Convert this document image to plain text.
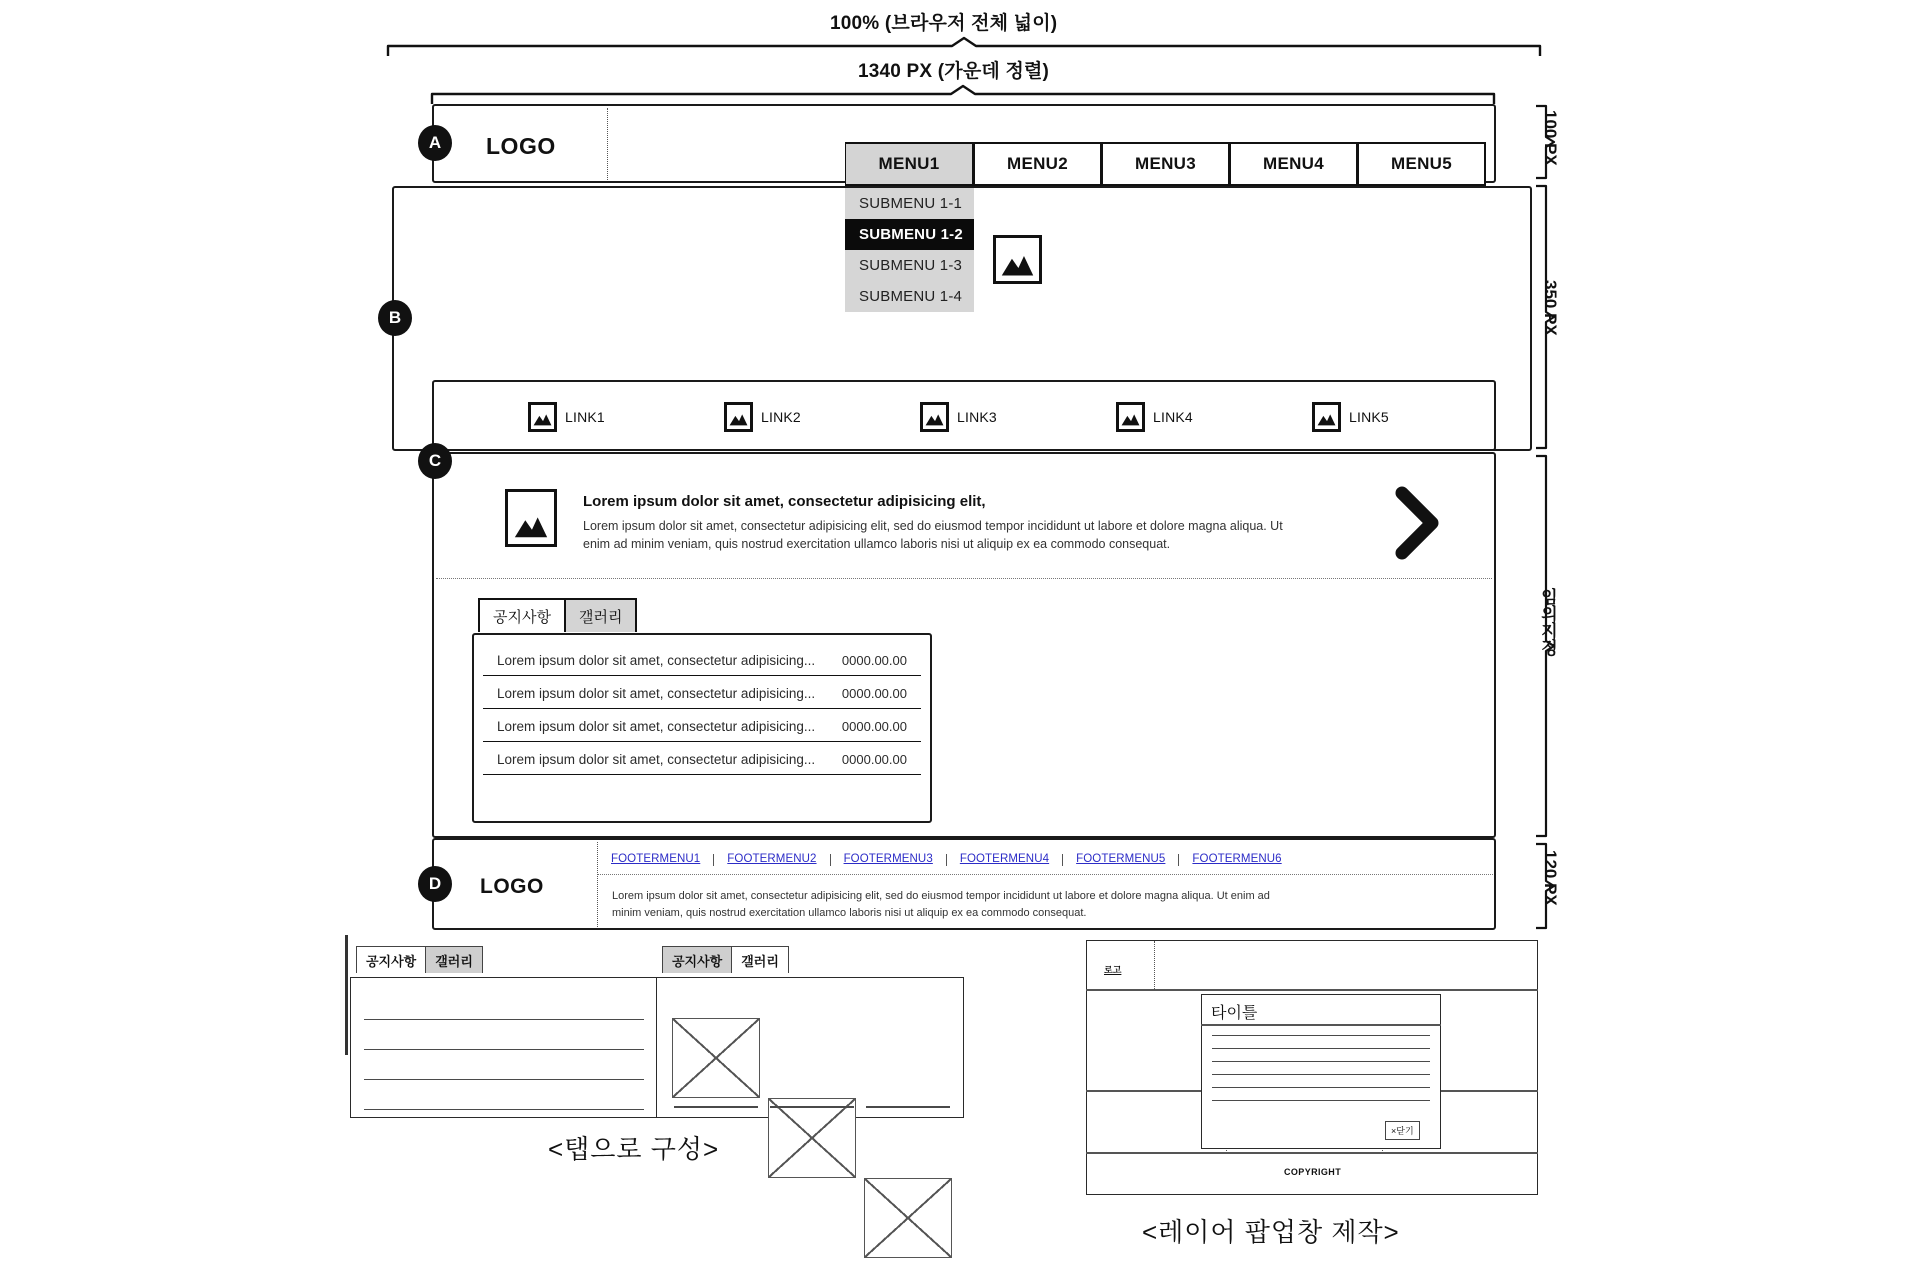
100% (브라우저 전체 넓이)
1340 PX (가운데 정렬)
100 PX
350 PX
임의지정
120 PX
A	LOGO
MENU1	MENU2	MENU3	MENU4	MENU5
B
SUBMENU 1-1
SUBMENU 1-2
SUBMENU 1-3
SUBMENU 1-4
LINK1	LINK2	LINK3	LINK4	LINK5
C
Lorem ipsum dolor sit amet, consectetur adipisicing elit,
Lorem ipsum dolor sit amet, consectetur adipisicing elit, sed do eiusmod tempor incididunt ut labore et dolore magna aliqua. Ut enim ad minim veniam, quis nostrud exercitation ullamco laboris nisi ut aliquip ex ea commodo consequat.
공지사항	갤러리
Lorem ipsum dolor sit amet, consectetur adipisicing... 0000.00.00
Lorem ipsum dolor sit amet, consectetur adipisicing... 0000.00.00
Lorem ipsum dolor sit amet, consectetur adipisicing... 0000.00.00
Lorem ipsum dolor sit amet, consectetur adipisicing... 0000.00.00
D	LOGO
FOOTERMENU1	FOOTERMENU2	FOOTERMENU3	FOOTERMENU4	FOOTERMENU5	FOOTERMENU6
Lorem ipsum dolor sit amet, consectetur adipisicing elit, sed do eiusmod tempor incididunt ut labore et dolore magna aliqua. Ut enim ad minim veniam, quis nostrud exercitation ullamco laboris nisi ut aliquip ex ea commodo consequat.
공지사항	갤러리	공지사항	갤러리
<탭으로 구성>
로고
COPYRIGHT
타이틀
×닫기
<레이어 팝업창 제작>
